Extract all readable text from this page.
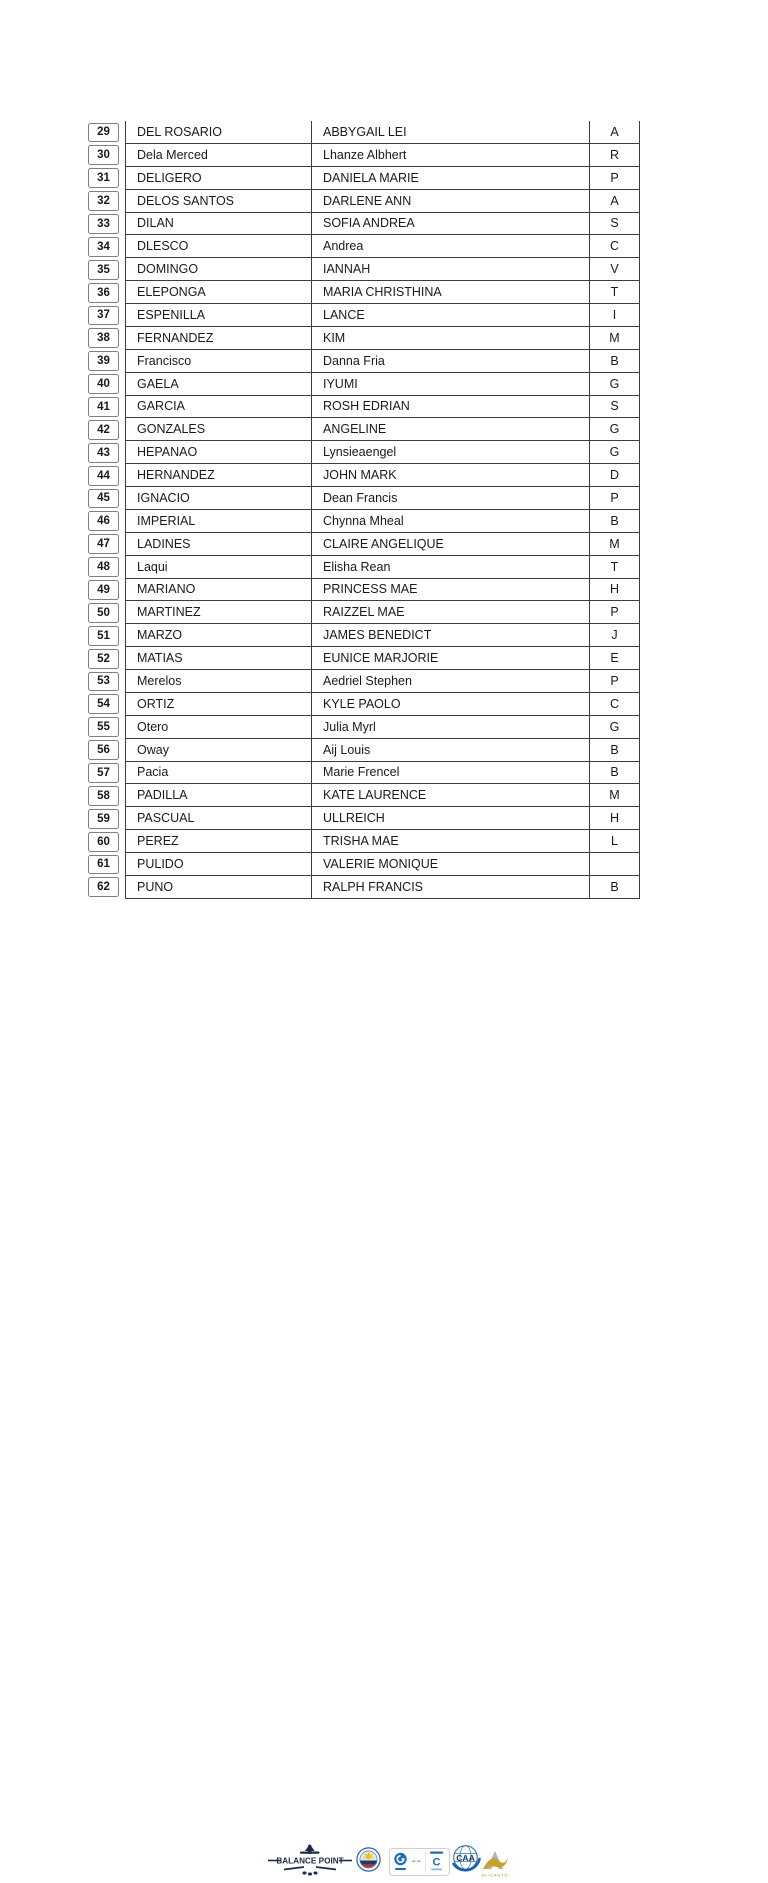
29	DEL ROSARIO	ABBYGAIL LEI	A
30	Dela Merced	Lhanze Albhert	R
31	DELIGERO	DANIELA MARIE	P
32	DELOS SANTOS	DARLENE ANN	A
33	DILAN	SOFIA ANDREA	S
34	DLESCO	Andrea	C
35	DOMINGO	IANNAH	V
36	ELEPONGA	MARIA CHRISTHINA	T
37	ESPENILLA	LANCE	I
38	FERNANDEZ	KIM	M
39	Francisco	Danna Fria	B
40	GAELA	IYUMI	G
41	GARCIA	ROSH EDRIAN	S
42	GONZALES	ANGELINE	G
43	HEPANAO	Lynsieaengel	G
44	HERNANDEZ	JOHN MARK	D
45	IGNACIO	Dean Francis	P
46	IMPERIAL	Chynna Mheal	B
47	LADINES	CLAIRE ANGELIQUE	M
48	Laqui	Elisha Rean	T
49	MARIANO	PRINCESS MAE	H
50	MARTINEZ	RAIZZEL MAE	P
51	MARZO	JAMES BENEDICT	J
52	MATIAS	EUNICE MARJORIE	E
53	Merelos	Aedriel Stephen	P
54	ORTIZ	KYLE PAOLO	C
55	Otero	Julia Myrl	G
56	Oway	Aij Louis	B
57	Pacia	Marie Frencel	B
58	PADILLA	KATE LAURENCE	M
59	PASCUAL	ULLREICH	H
60	PEREZ	TRISHA MAE	L
61	PULIDO	VALERIE MONIQUE
62	PUNO	RALPH FRANCIS	B
BALANCE POINT	C CAA
ALICANTO
